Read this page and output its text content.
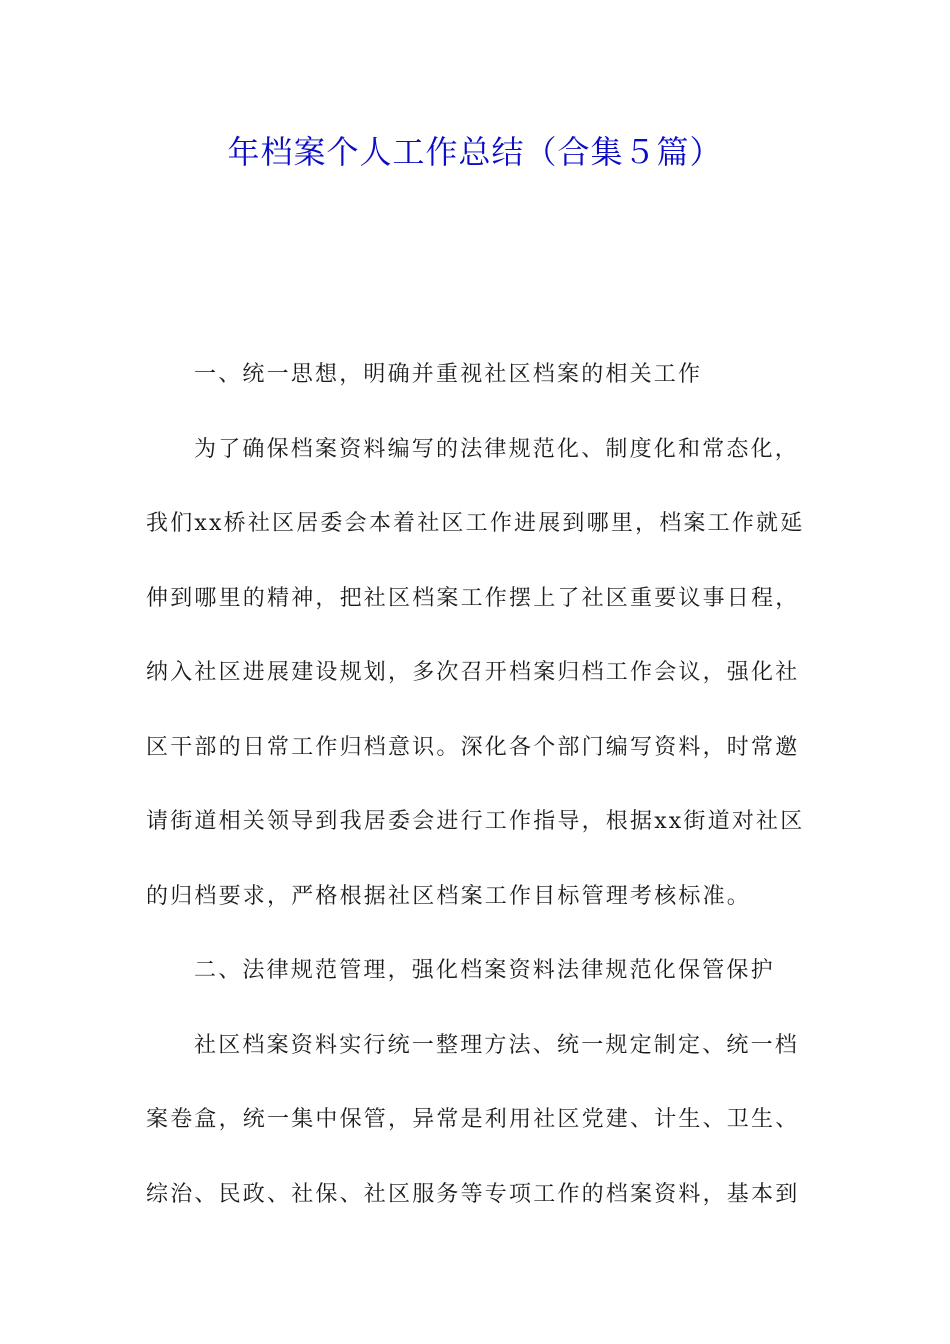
年档案个人工作总结（合集５篇）

一、统一思想，明确并重视社区档案的相关工作

为了确保档案资料编写的法律规范化、制度化和常态化，
我们xx桥社区居委会本着社区工作进展到哪里，档案工作就延
伸到哪里的精神，把社区档案工作摆上了社区重要议事日程，
纳入社区进展建设规划，多次召开档案归档工作会议，强化社
区干部的日常工作归档意识。深化各个部门编写资料，时常邀
请街道相关领导到我居委会进行工作指导，根据xx街道对社区
的归档要求，严格根据社区档案工作目标管理考核标准。

二、法律规范管理，强化档案资料法律规范化保管保护

社区档案资料实行统一整理方法、统一规定制定、统一档
案卷盒，统一集中保管，异常是利用社区党建、计生、卫生、
综治、民政、社保、社区服务等专项工作的档案资料，基本到
